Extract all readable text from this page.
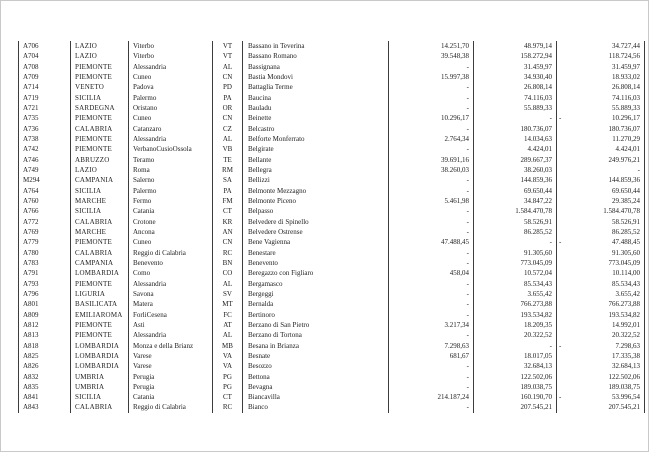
A706	LAZIO	Viterbo	VT	Bassano in Teverina	14.251,70	48.979,14	34.727,44
A704	LAZIO	Viterbo	VT	Bassano Romano	39.548,38	158.272,94	118.724,56
A708	PIEMONTE	Alessandria	AL	Bassignana	-	31.459,97	31.459,97
A709	PIEMONTE	Cuneo	CN	Bastia Mondovi	15.997,38	34.930,40	18.933,02
A714	VENETO	Padova	PD	Battaglia Terme	-	26.808,14	26.808,14
A719	SICILIA	Palermo	PA	Baucina	-	74.116,03	74.116,03
A721	SARDEGNA	Oristano	OR	Bauladu	-	55.889,33	55.889,33
A735	PIEMONTE	Cuneo	CN	Beinette	10.296,17	-	-	10.296,17
A736	CALABRIA	Catanzaro	CZ	Belcastro	-	180.736,07	180.736,07
A738	PIEMONTE	Alessandria	AL	Belforte Monferrato	2.764,34	14.034,63	11.270,29
A742	PIEMONTE	VerbanoCusioOssola	VB	Belgirate	-	4.424,01	4.424,01
A746	ABRUZZO	Teramo	TE	Bellante	39.691,16	289.667,37	249.976,21
A749	LAZIO	Roma	RM	Bellegra	38.260,03	38.260,03	-
M294	CAMPANIA	Salerno	SA	Bellizzi	-	144.859,36	144.859,36
A764	SICILIA	Palermo	PA	Belmonte Mezzagno	-	69.650,44	69.650,44
A760	MARCHE	Fermo	FM	Belmonte Piceno	5.461,98	34.847,22	29.385,24
A766	SICILIA	Catania	CT	Belpasso	-	1.584.470,78	1.584.470,78
A772	CALABRIA	Crotone	KR	Belvedere di Spinello	-	58.526,91	58.526,91
A769	MARCHE	Ancona	AN	Belvedere Ostrense	-	86.285,52	86.285,52
A779	PIEMONTE	Cuneo	CN	Bene Vagienna	47.488,45	-	-	47.488,45
A780	CALABRIA	Reggio di Calabria	RC	Benestare	-	91.305,60	91.305,60
A783	CAMPANIA	Benevento	BN	Benevento	-	773.045,09	773.045,09
A791	LOMBARDIA	Como	CO	Beregazzo con Figliaro	458,04	10.572,04	10.114,00
A793	PIEMONTE	Alessandria	AL	Bergamasco	-	85.534,43	85.534,43
A796	LIGURIA	Savona	SV	Bergeggi	-	3.655,42	3.655,42
A801	BASILICATA	Matera	MT	Bernalda	-	766.273,88	766.273,88
A809	EMILIAROMA	ForliCesena	FC	Bertinoro	-	193.534,82	193.534,82
A812	PIEMONTE	Asti	AT	Berzano di San Pietro	3.217,34	18.209,35	14.992,01
A813	PIEMONTE	Alessandria	AL	Berzano di Tortona	-	20.322,52	20.322,52
A818	LOMBARDIA	Monza e della Brianz	MB	Besana in Brianza	7.298,63	-	-	7.298,63
A825	LOMBARDIA	Varese	VA	Besnate	681,67	18.017,05	17.335,38
A826	LOMBARDIA	Varese	VA	Besozzo	-	32.684,13	32.684,13
A832	UMBRIA	Perugia	PG	Bettona	-	122.502,06	122.502,06
A835	UMBRIA	Perugia	PG	Bevagna	-	189.038,75	189.038,75
A841	SICILIA	Catania	CT	Biancavilla	214.187,24	160.190,70	-	53.996,54
A843	CALABRIA	Reggio di Calabria	RC	Bianco	-	207.545,21	207.545,21
